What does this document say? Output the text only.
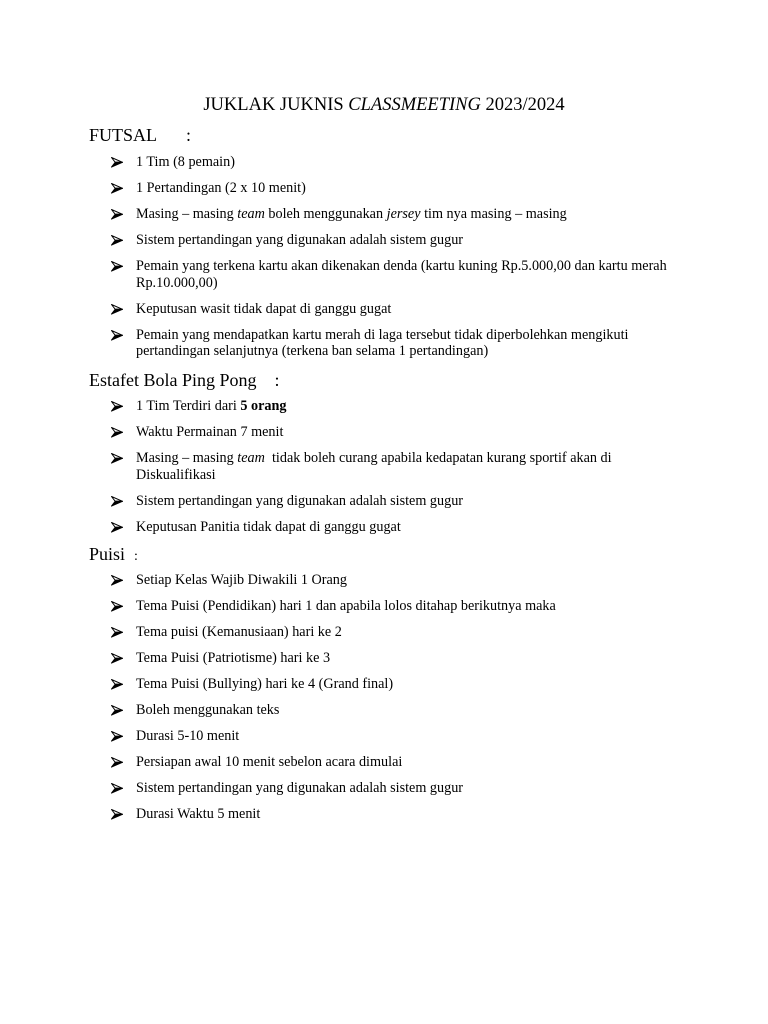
JUKLAK JUKNIS CLASSMEETING 2023/2024
FUTSAL :
1 Tim (8 pemain)
1 Pertandingan (2 x 10 menit)
Masing – masing team boleh menggunakan jersey tim nya masing – masing
Sistem pertandingan yang digunakan adalah sistem gugur
Pemain yang terkena kartu akan dikenakan denda (kartu kuning Rp.5.000,00 dan kartu merah Rp.10.000,00)
Keputusan wasit tidak dapat di ganggu gugat
Pemain yang mendapatkan kartu merah di laga tersebut tidak diperbolehkan mengikuti pertandingan selanjutnya (terkena ban selama 1 pertandingan)
Estafet Bola Ping Pong :
1 Tim Terdiri dari 5 orang
Waktu Permainan 7 menit
Masing – masing team  tidak boleh curang apabila kedapatan kurang sportif akan di Diskualifikasi
Sistem pertandingan yang digunakan adalah sistem gugur
Keputusan Panitia tidak dapat di ganggu gugat
Puisi :
Setiap Kelas Wajib Diwakili 1 Orang
Tema Puisi (Pendidikan) hari 1 dan apabila lolos ditahap berikutnya maka
Tema puisi (Kemanusiaan) hari ke 2
Tema Puisi (Patriotisme) hari ke 3
Tema Puisi (Bullying) hari ke 4 (Grand final)
Boleh menggunakan teks
Durasi 5-10 menit
Persiapan awal 10 menit sebelon acara dimulai
Sistem pertandingan yang digunakan adalah sistem gugur
Durasi Waktu 5 menit
